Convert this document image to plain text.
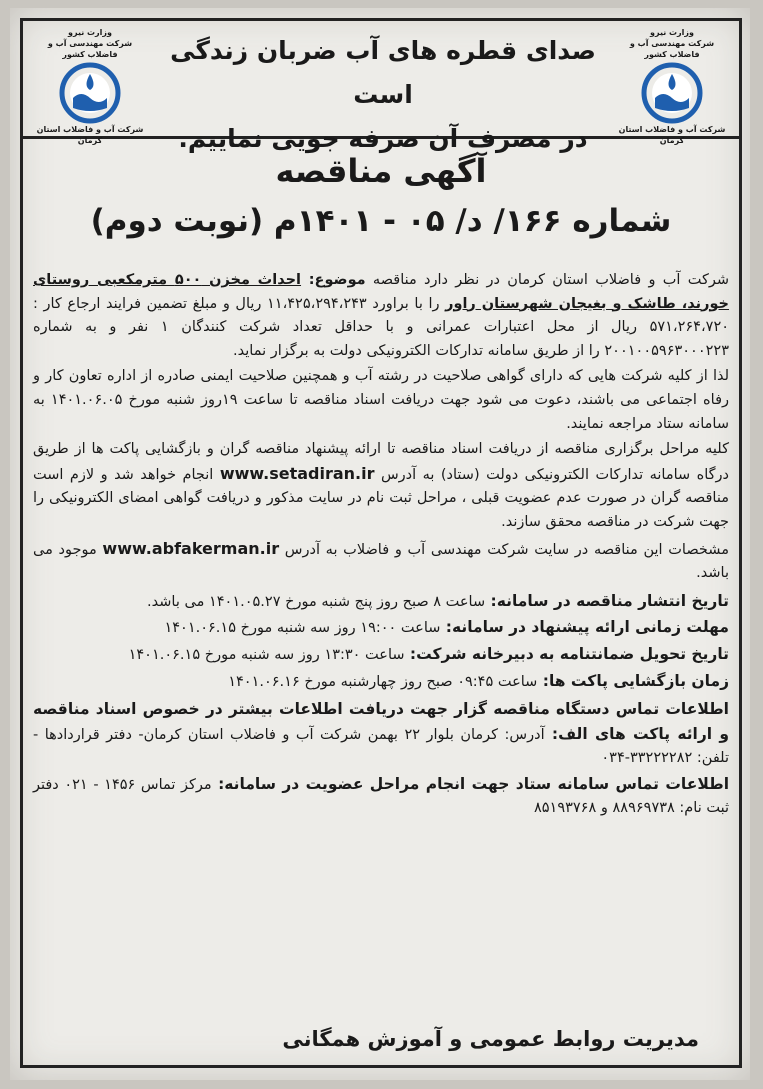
وزارت نیرو
شرکت مهندسی آب و فاضلاب کشور
شرکت آب و فاضلاب استان کرمان
صدای قطره های آب ضربان زندگی است
در مصرف آن صرفه جویی نماییم.
وزارت نیرو
شرکت مهندسی آب و فاضلاب کشور
شرکت آب و فاضلاب استان کرمان
آگهی مناقصه
شماره ۱۶۶/ د/ ۰۵ - ۱۴۰۱م (نوبت دوم)

شرکت آب و فاضلاب استان کرمان در نظر دارد مناقصه موضوع: احداث مخزن ۵۰۰ مترمکعبی روستای خورند، طاشک و بغیجان شهرستان راور را با براورد ۱۱،۴۲۵،۲۹۴،۲۴۳ ریال و مبلغ تضمین فرایند ارجاع کار : ۵۷۱،۲۶۴،۷۲۰ ریال از محل اعتبارات عمرانی و با حداقل تعداد شرکت کنندگان ۱ نفر و به شماره ۲۰۰۱۰۰۵۹۶۳۰۰۰۲۲۳ را از طریق سامانه تدارکات الکترونیکی دولت به برگزار نماید.

لذا از کلیه شرکت هایی که دارای گواهی صلاحیت در رشته آب و همچنین صلاحیت ایمنی صادره از اداره تعاون کار و رفاه اجتماعی می باشند، دعوت می شود جهت دریافت اسناد مناقصه تا ساعت ۱۹روز شنبه مورخ ۱۴۰۱.۰۶.۰۵ به سامانه ستاد مراجعه نمایند.

کلیه مراحل برگزاری مناقصه از دریافت اسناد مناقصه تا ارائه پیشنهاد مناقصه گران و بازگشایی پاکت ها از طریق درگاه سامانه تدارکات الکترونیکی دولت (ستاد) به آدرس www.setadiran.ir انجام خواهد شد و لازم است مناقصه گران در صورت عدم عضویت قبلی ، مراحل ثبت نام در سایت مذکور و دریافت گواهی امضای الکترونیکی را جهت شرکت در مناقصه محقق سازند.

مشخصات این مناقصه در سایت شرکت مهندسی آب و فاضلاب به آدرس www.abfakerman.ir موجود می باشد.

تاریخ انتشار مناقصه در سامانه: ساعت ۸ صبح روز پنج شنبه مورخ ۱۴۰۱.۰۵.۲۷ می باشد.

مهلت زمانی ارائه پیشنهاد در سامانه: ساعت ۱۹:۰۰ روز سه شنبه مورخ ۱۴۰۱.۰۶.۱۵

تاریخ تحویل ضمانتنامه به دبیرخانه شرکت: ساعت ۱۳:۳۰ روز سه شنبه مورخ ۱۴۰۱.۰۶.۱۵

زمان بازگشایی پاکت ها: ساعت ۰۹:۴۵ صبح روز چهارشنبه مورخ ۱۴۰۱.۰۶.۱۶

اطلاعات تماس دستگاه مناقصه گزار جهت دریافت اطلاعات بیشتر در خصوص اسناد مناقصه و ارائه پاکت های الف: آدرس: کرمان بلوار ۲۲ بهمن شرکت آب و فاضلاب استان کرمان- دفتر قراردادها - تلفن: ۳۳۲۲۲۲۸۲-۰۳۴

اطلاعات تماس سامانه ستاد جهت انجام مراحل عضویت در سامانه: مرکز تماس ۱۴۵۶ - ۰۲۱ دفتر ثبت نام: ۸۸۹۶۹۷۳۸ و ۸۵۱۹۳۷۶۸

مدیریت روابط عمومی و آموزش همگانی
